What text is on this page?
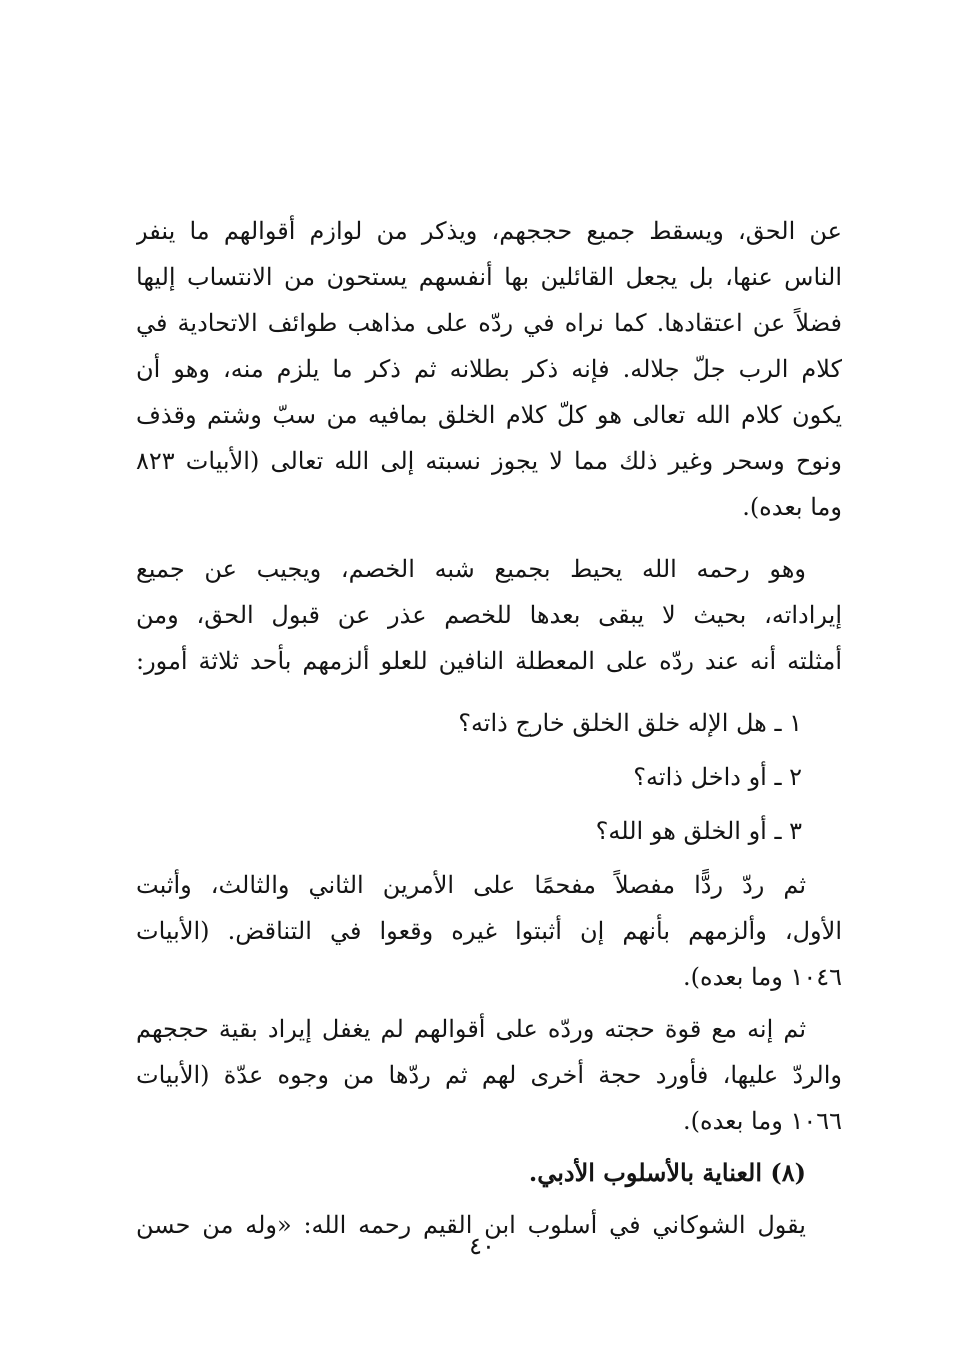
عن الحق، ويسقط جميع حججهم، ويذكر من لوازم أقوالهم ما ينفر
الناس عنها، بل يجعل القائلين بها أنفسهم يستحون من الانتساب إليها
فضلاً عن اعتقادها. كما نراه في ردّه على مذاهب طوائف الاتحادية في
كلام الرب جلّ جلاله. فإنه ذكر بطلانه ثم ذكر ما يلزم منه، وهو أن
يكون كلام الله تعالى هو كلّ كلام الخلق بمافيه من سبّ وشتم وقذف
ونوح وسحر وغير ذلك مما لا يجوز نسبته إلى الله تعالى (الأبيات ٨٢٣
وما بعده).
وهو رحمه الله يحيط بجميع شبه الخصم، ويجيب عن جميع
إيراداته، بحيث لا يبقى بعدها للخصم عذر عن قبول الحق، ومن
أمثلته أنه عند ردّه على المعطلة النافين للعلو ألزمهم بأحد ثلاثة أمور:
١ ـ هل الإله خلق الخلق خارج ذاته؟
٢ ـ أو داخل ذاته؟
٣ ـ أو الخلق هو الله؟
ثم ردّ ردًّا مفصلاً مفحمًا على الأمرين الثاني والثالث، وأثبت
الأول، وألزمهم بأنهم إن أثبتوا غيره وقعوا في التناقض. (الأبيات
١٠٤٦ وما بعده).
ثم إنه مع قوة حجته وردّه على أقوالهم لم يغفل إيراد بقية حججهم
والردّ عليها، فأورد حجة أخرى لهم ثم ردّها من وجوه عدّة (الأبيات
١٠٦٦ وما بعده).
(٨) العناية بالأسلوب الأدبي.
يقول الشوكاني في أسلوب ابن القيم رحمه الله: «وله من حسن
٤٠
